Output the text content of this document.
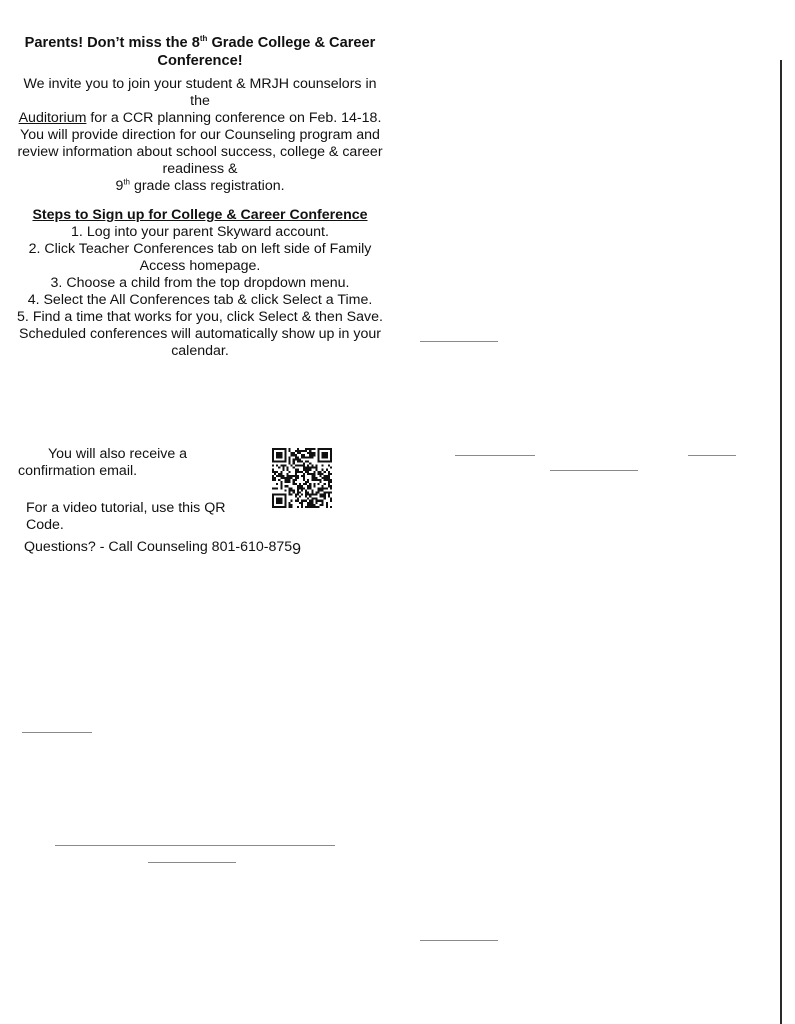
Parents! Don’t miss the 8th Grade College & Career Conference!

We invite you to join your student & MRJH counselors in the

Auditorium for a CCR planning conference on Feb. 14-18.

You will provide direction for our Counseling program and review information about school success, college & career readiness &

9th grade class registration.

Steps to Sign up for College & Career Conference
1. Log into your parent Skyward account.
2. Click Teacher Conferences tab on left side of Family Access homepage.
3. Choose a child from the top dropdown menu.
4. Select the All Conferences tab & click Select a Time.
5. Find a time that works for you, click Select & then Save.

Scheduled conferences will automatically show up in your calendar.

You will also receive a
confirmation email.
For a video tutorial, use this QR Code.
Questions? - Call Counseling 801-610-8759
